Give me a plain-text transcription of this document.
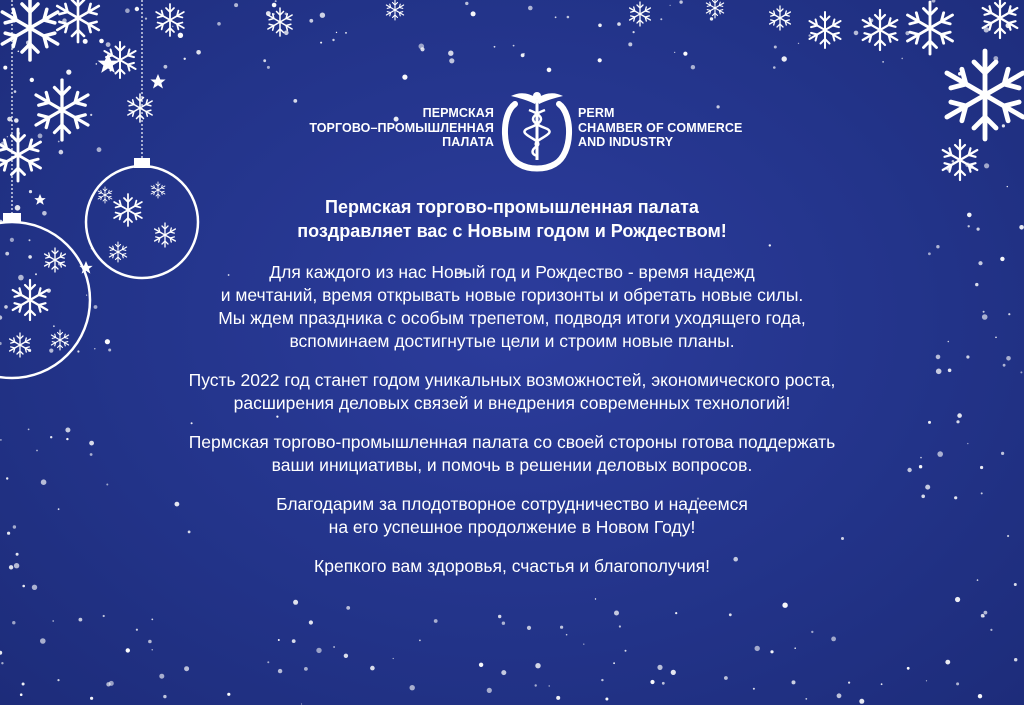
ПЕРМСКАЯ
ТОРГОВО–ПРОМЫШЛЕННАЯ
ПАЛАТА
PERM
CHAMBER OF COMMERCE
AND INDUSTRY
Пермская торгово-промышленная палата
поздравляет вас с Новым годом и Рождеством!
Для каждого из нас Новый год и Рождество - время надежд
и мечтаний, время открывать новые горизонты и обретать новые силы.
Мы ждем праздника с особым трепетом, подводя итоги уходящего года,
вспоминаем достигнутые цели и строим новые планы.
Пусть 2022 год станет годом уникальных возможностей, экономического роста,
расширения деловых связей и внедрения современных технологий!
Пермская торгово-промышленная палата со своей стороны готова поддержать
ваши инициативы, и помочь в решении деловых вопросов.
Благодарим за плодотворное сотрудничество и надеемся
на его успешное продолжение в Новом Году!
Крепкого вам здоровья, счастья и благополучия!
